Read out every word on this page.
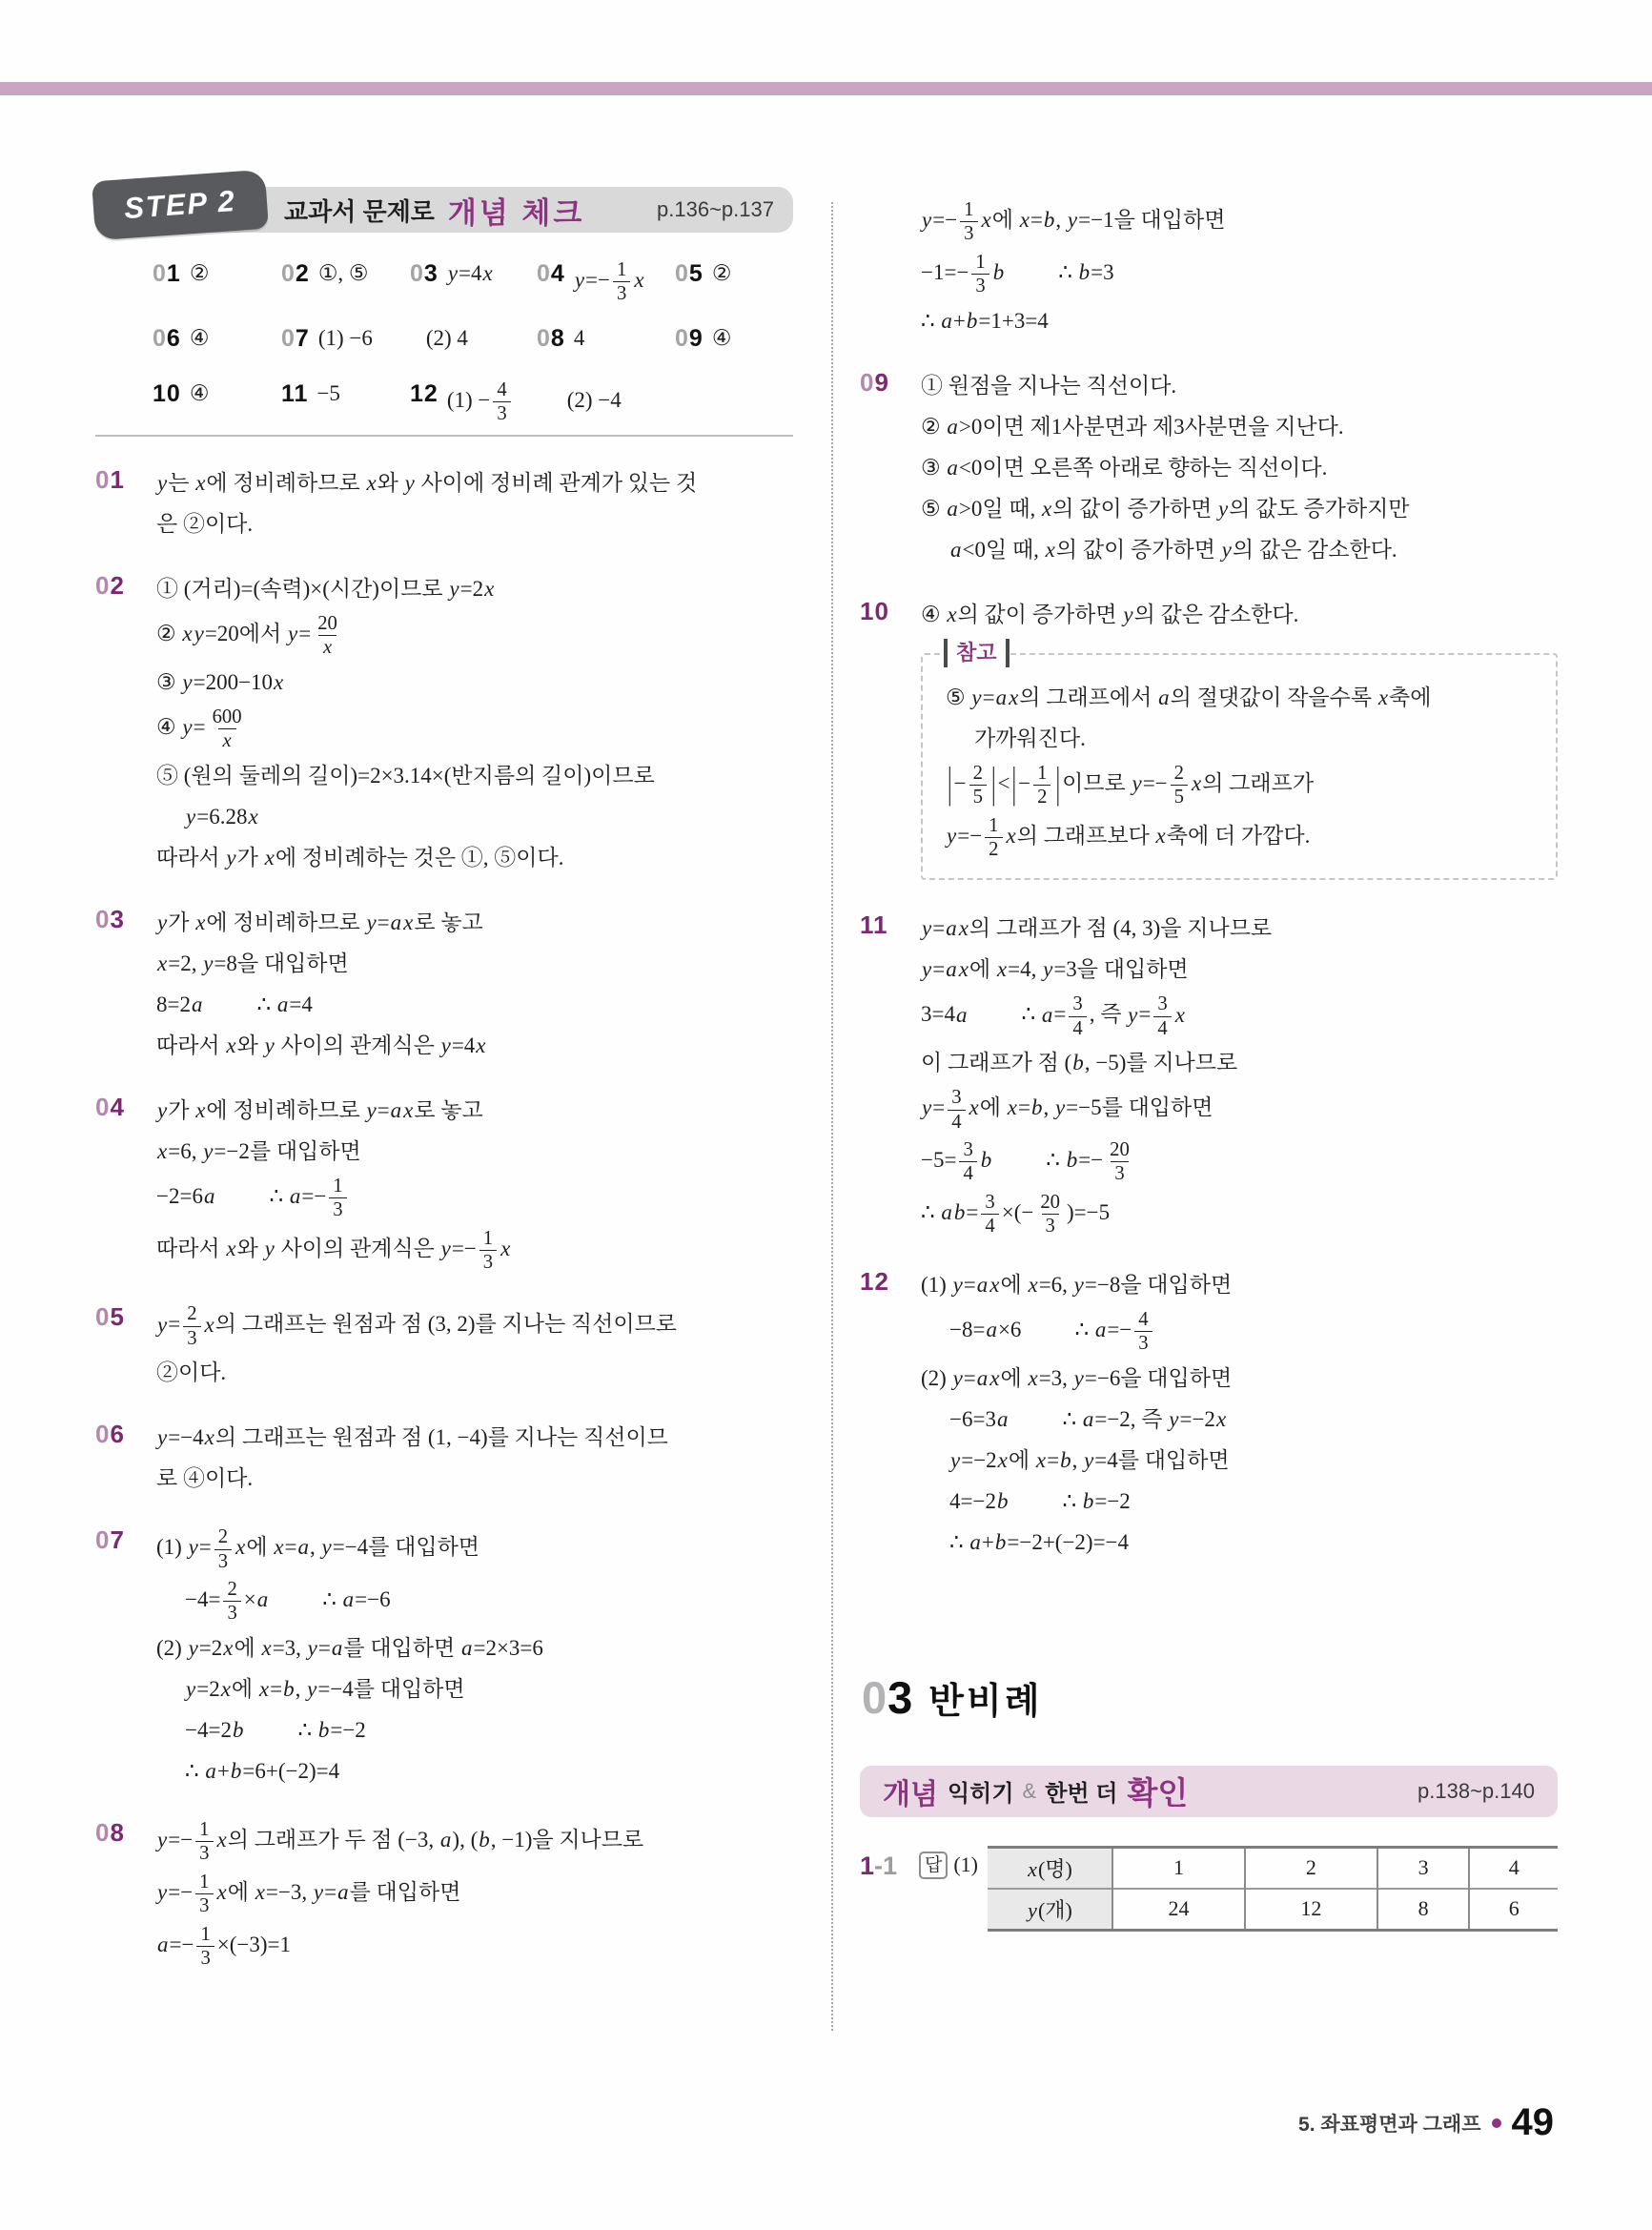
STEP 2 교과서 문제로 개념 체크	p.136~p.137
01 ②	02 ①, ⑤ 03 y=4x 04 $y=- \frac{1}{3}$ x 05 ②
06 ④	07 (1) −6 (2) 4	08 4	09 ④
10 ④	11 −5	12 $(1) - \frac{4}{3}$	(2) −4
01	y는 x에 정비례하므로 x와 y 사이에 정비례 관계가 있는 것
은 ②이다.
02	① (거리)=(속력)×(시간)이므로 y=2x
② xy=20에서 $y= \frac{20}{x}$
③ y=200−10x
④ $y= \frac{600}{x}$
⑤ (원의 둘레의 길이)=2×3.14×(반지름의 길이)이므로
y=6.28x
따라서 y가 x에 정비례하는 것은 ①, ⑤이다.
03	y가 x에 정비례하므로 y=ax로 놓고
x=2, y=8을 대입하면
8=2a ∴ a=4
따라서 x와 y 사이의 관계식은 y=4x
04	y가 x에 정비례하므로 y=ax로 놓고
x=6, y=−2를 대입하면
−2=6a ∴ $a=- \frac{1}{3}$
따라서 x와 y 사이의 관계식은 $y=- \frac{1}{3}$ x
05	$y= \frac{2}{3}$ x의 그래프는 원점과 점 (3, 2)를 지나는 직선이므로
②이다.
06	y=−4x의 그래프는 원점과 점 (1, −4)를 지나는 직선이므
로 ④이다.
07	(1) $y= \frac{2}{3}$ x에 x=a, y=−4를 대입하면
$-4= \frac{2}{3} \times a$ ∴ a=−6
(2) y=2x에 x=3, y=a를 대입하면 a=2×3=6
y=2x에 x=b, y=−4를 대입하면
−4=2b ∴ b=−2
∴ a+b=6+(−2)=4
08	$y=- \frac{1}{3}$ x의 그래프가 두 점 (−3, a), (b, −1)을 지나므로
$y=- \frac{1}{3}$ x에 x=−3, y=a를 대입하면
$a=- \frac{1}{3} \times(-3)=1$
$y=- \frac{1}{3}$ x에 x=b, y=−1을 대입하면
$-1=- \frac{1}{3}$ b ∴ b=3
∴ a+b=1+3=4
09	① 원점을 지나는 직선이다.
② a>0이면 제1사분면과 제3사분면을 지난다.
③ a<0이면 오른쪽 아래로 향하는 직선이다.
⑤ a>0일 때, x의 값이 증가하면 y의 값도 증가하지만
a<0일 때, x의 값이 증가하면 y의 값은 감소한다.
10	④ x의 값이 증가하면 y의 값은 감소한다.
참고
⑤ y=ax의 그래프에서 a의 절댓값이 작을수록 x축에
가까워진다.
|− $\frac{2}{5}$ |<|− $\frac{1}{2}$ |이므로 $y=- \frac{2}{5}$ x의 그래프가
$y=- \frac{1}{2}$ x의 그래프보다 x축에 더 가깝다.
11	y=ax의 그래프가 점 (4, 3)을 지나므로
y=ax에 x=4, y=3을 대입하면
3=4a ∴ $a= \frac{3}{4}$ , 즉 $y= \frac{3}{4}$ x
이 그래프가 점 (b, −5)를 지나므로
$y= \frac{3}{4}$ x에 x=b, y=−5를 대입하면
$-5= \frac{3}{4}$ b ∴ $b=- \frac{20}{3}$
∴ $ab= \frac{3}{4}$ ×(− $\frac{20}{3} )=-5$
12	(1) y=ax에 x=6, y=−8을 대입하면
−8=a×6 ∴ $a=- \frac{4}{3}$
(2) y=ax에 x=3, y=−6을 대입하면
−6=3a ∴ a=−2, 즉 y=−2x
y=−2x에 x=b, y=4를 대입하면
4=−2b ∴ b=−2
∴ a+b=−2+(−2)=−4
03 반비례
개념 익히기 & 한번 더 확인	p.138~p.140
1-1	답 (1) x(명)	1	2	3	4
y(개)	24	12	8	6
5. 좌표평면과 그래프 49
